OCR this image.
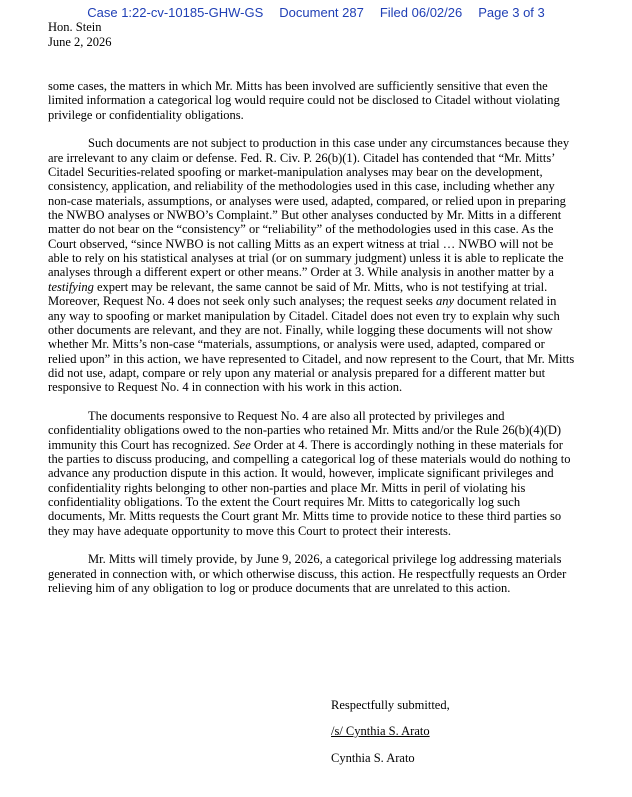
Case 1:22-cv-10185-GHW-GS Document 287 Filed 06/02/26 Page 3 of 3
Hon. Stein
June 2, 2026

some cases, the matters in which Mr. Mitts has been involved are sufficiently sensitive that even the limited information a categorical log would require could not be disclosed to Citadel without violating privilege or confidentiality obligations.

Such documents are not subject to production in this case under any circumstances because they are irrelevant to any claim or defense. Fed. R. Civ. P. 26(b)(1). Citadel has contended that “Mr. Mitts’ Citadel Securities-related spoofing or market-manipulation analyses may bear on the development, consistency, application, and reliability of the methodologies used in this case, including whether any non-case materials, assumptions, or analyses were used, adapted, compared, or relied upon in preparing the NWBO analyses or NWBO’s Complaint.” But other analyses conducted by Mr. Mitts in a different matter do not bear on the “consistency” or “reliability” of the methodologies used in this case. As the Court observed, “since NWBO is not calling Mitts as an expert witness at trial … NWBO will not be able to rely on his statistical analyses at trial (or on summary judgment) unless it is able to replicate the analyses through a different expert or other means.” Order at 3. While analysis in another matter by a testifying expert may be relevant, the same cannot be said of Mr. Mitts, who is not testifying at trial. Moreover, Request No. 4 does not seek only such analyses; the request seeks any document related in any way to spoofing or market manipulation by Citadel. Citadel does not even try to explain why such other documents are relevant, and they are not. Finally, while logging these documents will not show whether Mr. Mitts’s non-case “materials, assumptions, or analysis were used, adapted, compared or relied upon” in this action, we have represented to Citadel, and now represent to the Court, that Mr. Mitts did not use, adapt, compare or rely upon any material or analysis prepared for a different matter but responsive to Request No. 4 in connection with his work in this action.

The documents responsive to Request No. 4 are also all protected by privileges and confidentiality obligations owed to the non-parties who retained Mr. Mitts and/or the Rule 26(b)(4)(D) immunity this Court has recognized. See Order at 4. There is accordingly nothing in these materials for the parties to discuss producing, and compelling a categorical log of these materials would do nothing to advance any production dispute in this action. It would, however, implicate significant privileges and confidentiality rights belonging to other non-parties and place Mr. Mitts in peril of violating his confidentiality obligations. To the extent the Court requires Mr. Mitts to categorically log such documents, Mr. Mitts requests the Court grant Mr. Mitts time to provide notice to these third parties so they may have adequate opportunity to move this Court to protect their interests.

Mr. Mitts will timely provide, by June 9, 2026, a categorical privilege log addressing materials generated in connection with, or which otherwise discuss, this action. He respectfully requests an Order relieving him of any obligation to log or produce documents that are unrelated to this action.

Respectfully submitted,
/s/ Cynthia S. Arato
Cynthia S. Arato
